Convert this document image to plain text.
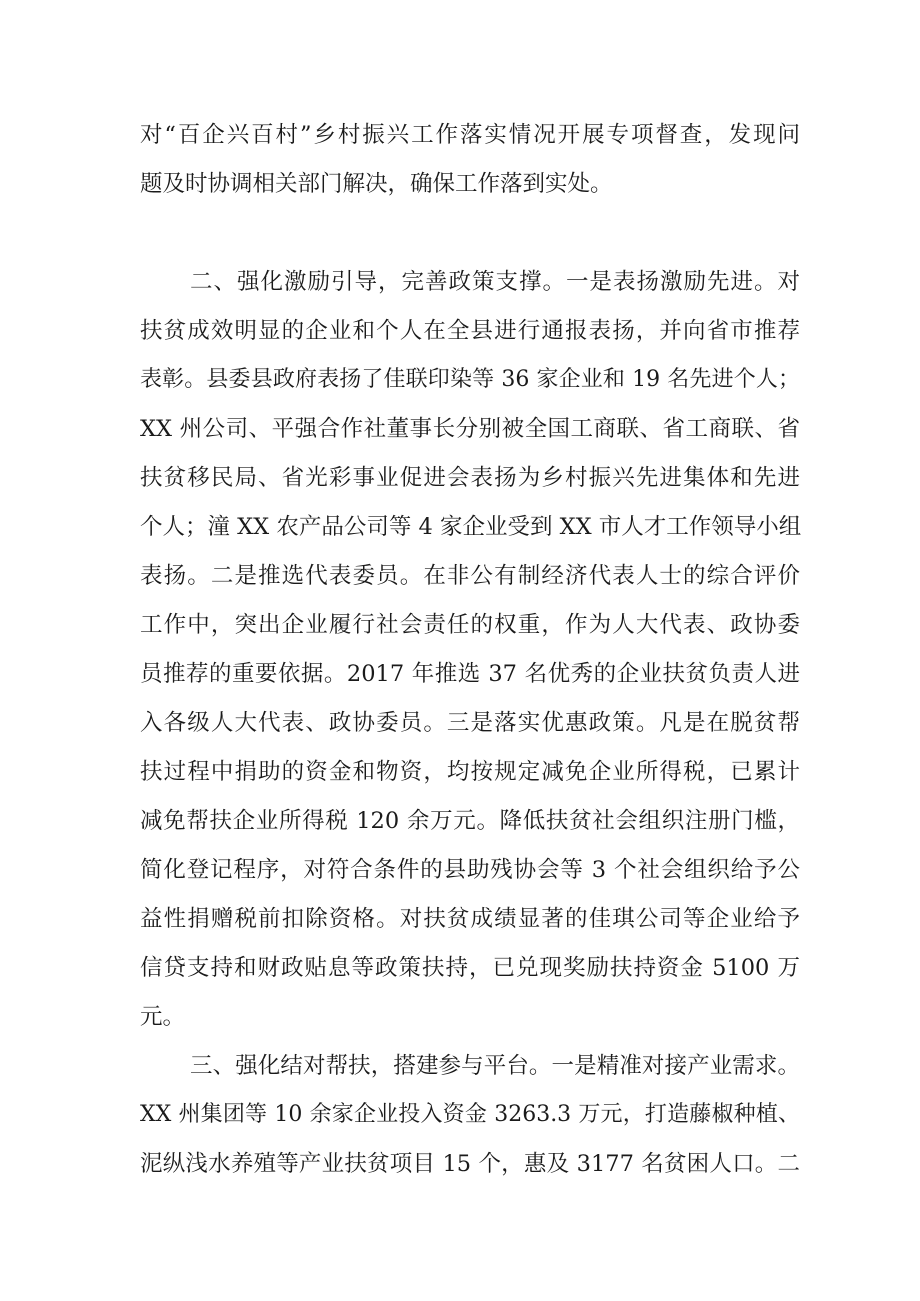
对“百企兴百村”乡村振兴工作落实情况开展专项督查，发现问
题及时协调相关部门解决，确保工作落到实处。
二、强化激励引导，完善政策支撑。一是表扬激励先进。对
扶贫成效明显的企业和个人在全县进行通报表扬，并向省市推荐
表彰。县委县政府表扬了佳联印染等 36 家企业和 19 名先进个人；
XX 州公司、平强合作社董事长分别被全国工商联、省工商联、省
扶贫移民局、省光彩事业促进会表扬为乡村振兴先进集体和先进
个人；潼 XX 农产品公司等 4 家企业受到 XX 市人才工作领导小组
表扬。二是推选代表委员。在非公有制经济代表人士的综合评价
工作中，突出企业履行社会责任的权重，作为人大代表、政协委
员推荐的重要依据。2017 年推选 37 名优秀的企业扶贫负责人进
入各级人大代表、政协委员。三是落实优惠政策。凡是在脱贫帮
扶过程中捐助的资金和物资，均按规定减免企业所得税，已累计
减免帮扶企业所得税 120 余万元。降低扶贫社会组织注册门槛，
简化登记程序，对符合条件的县助残协会等 3 个社会组织给予公
益性捐赠税前扣除资格。对扶贫成绩显著的佳琪公司等企业给予
信贷支持和财政贴息等政策扶持，已兑现奖励扶持资金 5100 万
元。
三、强化结对帮扶，搭建参与平台。一是精准对接产业需求。
XX 州集团等 10 余家企业投入资金 3263.3 万元，打造藤椒种植、
泥纵浅水养殖等产业扶贫项目 15 个，惠及 3177 名贫困人口。二
